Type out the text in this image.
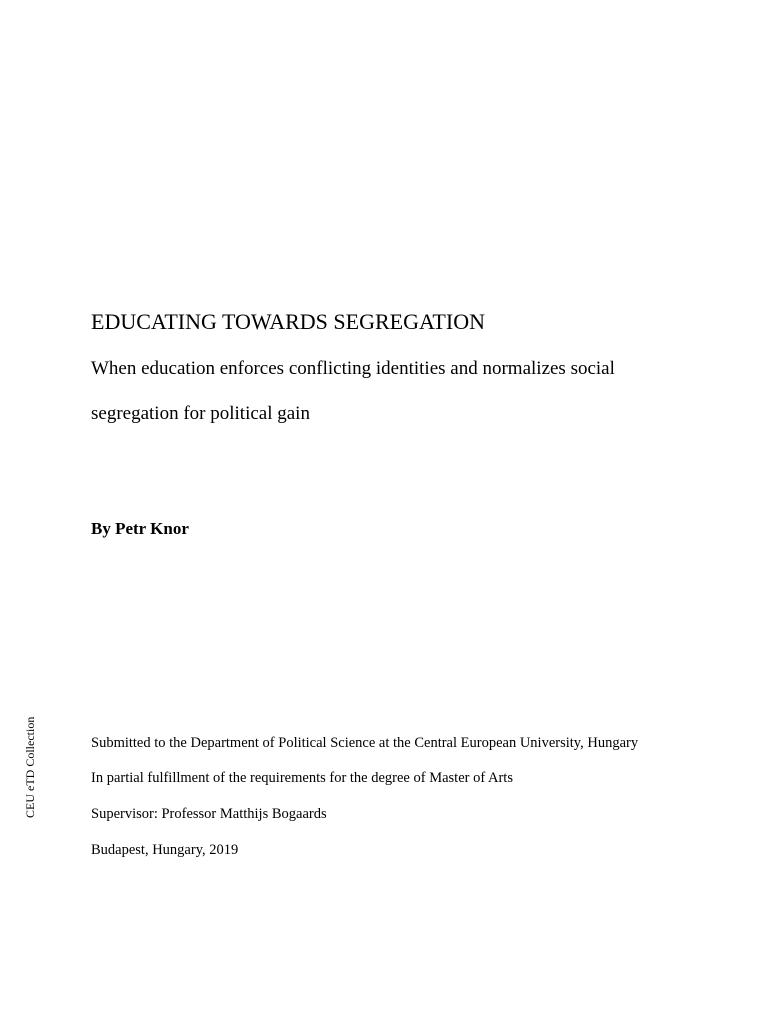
EDUCATING TOWARDS SEGREGATION
When education enforces conflicting identities and normalizes social
segregation for political gain
By Petr Knor
Submitted to the Department of Political Science at the Central European University, Hungary
In partial fulfillment of the requirements for the degree of Master of Arts
Supervisor: Professor Matthijs Bogaards
Budapest, Hungary, 2019
CEU eTD Collection
